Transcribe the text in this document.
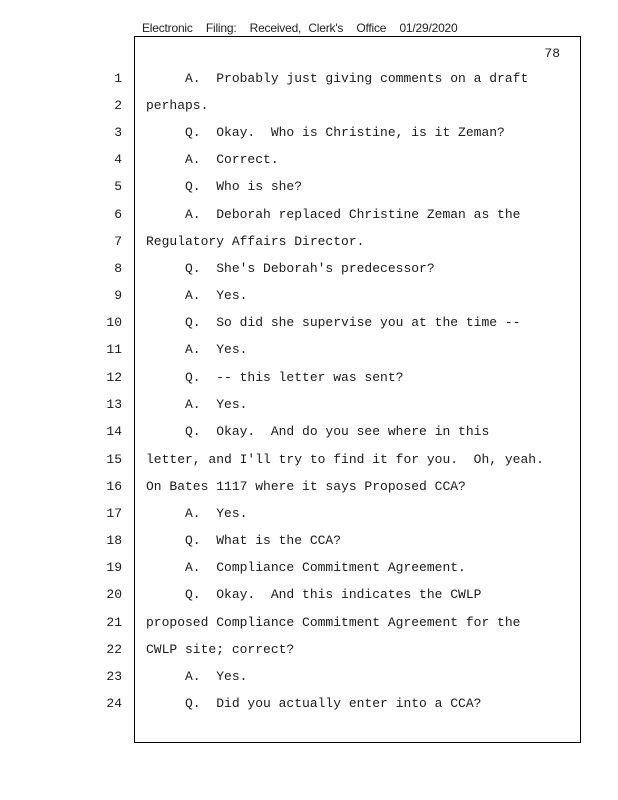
Electronic Filing: Received, Clerk's Office 01/29/2020
78
1 A.  Probably just giving comments on a draft
2 perhaps.
3 Q.  Okay.  Who is Christine, is it Zeman?
4 A.  Correct.
5 Q.  Who is she?
6 A.  Deborah replaced Christine Zeman as the
7 Regulatory Affairs Director.
8 Q.  She's Deborah's predecessor?
9 A.  Yes.
10 Q.  So did she supervise you at the time --
11 A.  Yes.
12 Q.  -- this letter was sent?
13 A.  Yes.
14 Q.  Okay.  And do you see where in this
15 letter, and I'll try to find it for you.  Oh, yeah.
16 On Bates 1117 where it says Proposed CCA?
17 A.  Yes.
18 Q.  What is the CCA?
19 A.  Compliance Commitment Agreement.
20 Q.  Okay.  And this indicates the CWLP
21 proposed Compliance Commitment Agreement for the
22 CWLP site; correct?
23 A.  Yes.
24 Q.  Did you actually enter into a CCA?
